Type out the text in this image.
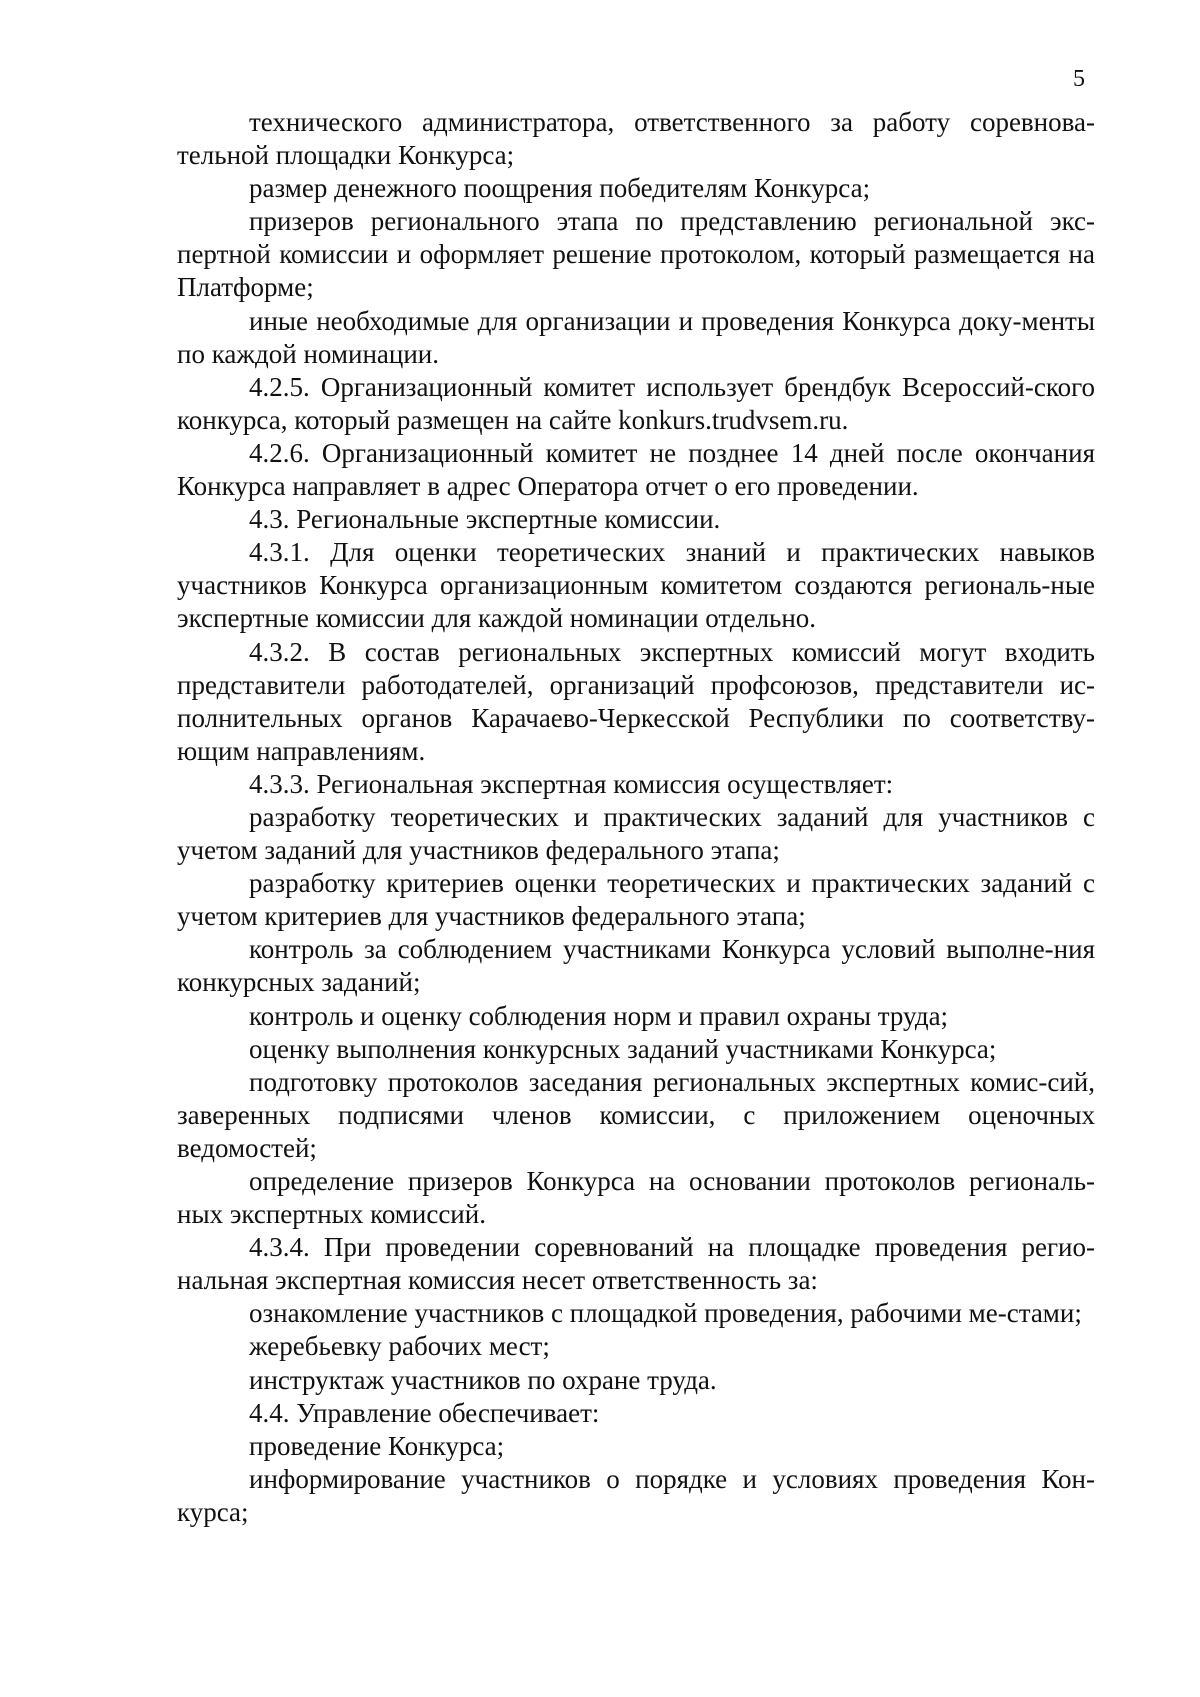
5

технического администратора, ответственного за работу соревнова-тельной площадки Конкурса;

размер денежного поощрения победителям Конкурса;

призеров регионального этапа по представлению региональной экс-пертной комиссии и оформляет решение протоколом, который размещается на Платформе;

иные необходимые для организации и проведения Конкурса доку-менты по каждой номинации.

4.2.5. Организационный комитет использует брендбук Всероссий-ского конкурса, который размещен на сайте konkurs.trudvsem.ru.

4.2.6. Организационный комитет не позднее 14 дней после окончания Конкурса направляет в адрес Оператора отчет о его проведении.

4.3. Региональные экспертные комиссии.

4.3.1. Для оценки теоретических знаний и практических навыков участников Конкурса организационным комитетом создаются региональ-ные экспертные комиссии для каждой номинации отдельно.

4.3.2. В состав региональных экспертных комиссий могут входить представители работодателей, организаций профсоюзов, представители ис-полнительных органов Карачаево-Черкесской Республики по соответству-ющим направлениям.

4.3.3. Региональная экспертная комиссия осуществляет:

разработку теоретических и практических заданий для участников с учетом заданий для участников федерального этапа;

разработку критериев оценки теоретических и практических заданий с учетом критериев для участников федерального этапа;

контроль за соблюдением участниками Конкурса условий выполне-ния конкурсных заданий;

контроль и оценку соблюдения норм и правил охраны труда;

оценку выполнения конкурсных заданий участниками Конкурса;

подготовку протоколов заседания региональных экспертных комис-сий, заверенных подписями членов комиссии, с приложением оценочных ведомостей;

определение призеров Конкурса на основании протоколов региональ-ных экспертных комиссий.

4.3.4. При проведении соревнований на площадке проведения регио-нальная экспертная комиссия несет ответственность за:

ознакомление участников с площадкой проведения, рабочими ме-стами;

жеребьевку рабочих мест;

инструктаж участников по охране труда.

4.4. Управление обеспечивает:

проведение Конкурса;

информирование участников о порядке и условиях проведения Кон-курса;
